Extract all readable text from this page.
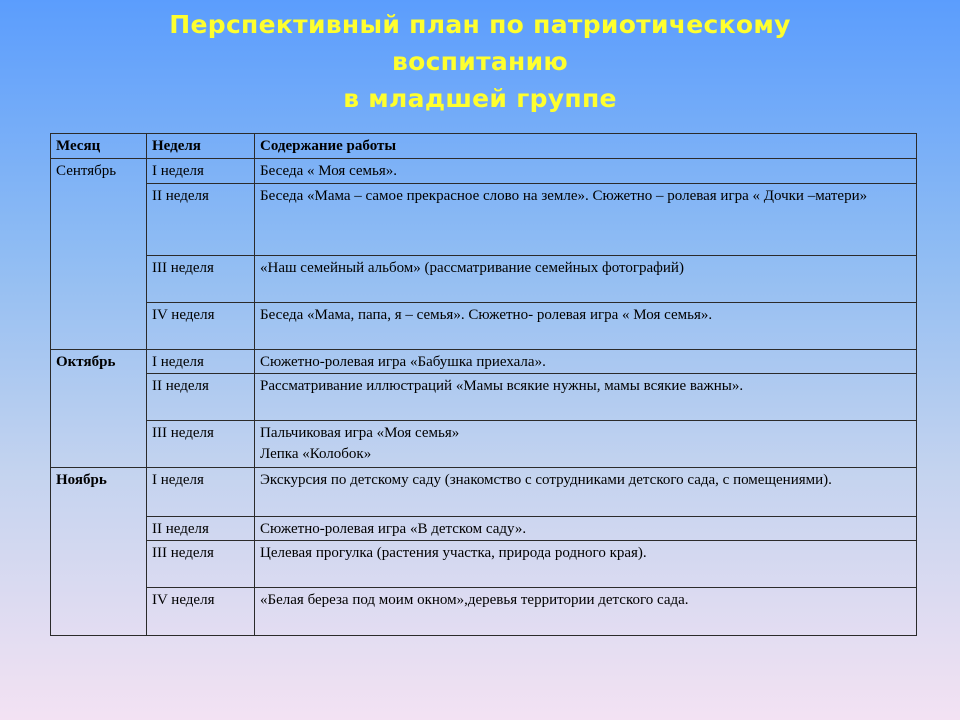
Перспективный план по патриотическому
воспитанию
в младшей группе
Месяц	Неделя	Содержание работы
Сентябрь	I неделя	Беседа « Моя семья».
	II неделя	Беседа «Мама – самое прекрасное слово на земле». Сюжетно – ролевая игра « Дочки –матери»
	III неделя	«Наш семейный альбом» (рассматривание семейных фотографий)
	IV неделя	Беседа «Мама, папа, я – семья». Сюжетно- ролевая игра « Моя семья».
Октябрь	I неделя	Сюжетно-ролевая игра «Бабушка приехала».
	II неделя	Рассматривание иллюстраций «Мамы всякие нужны, мамы всякие важны».
	III неделя	Пальчиковая игра «Моя семья»
Лепка «Колобок»

Ноябрь	I неделя	Экскурсия по детскому саду (знакомство с сотрудниками детского сада, с помещениями).
	II неделя	Сюжетно-ролевая игра «В детском саду».
	III неделя	Целевая прогулка (растения участка, природа родного края).
	IV неделя	«Белая береза под моим окном»,деревья территории детского сада.
